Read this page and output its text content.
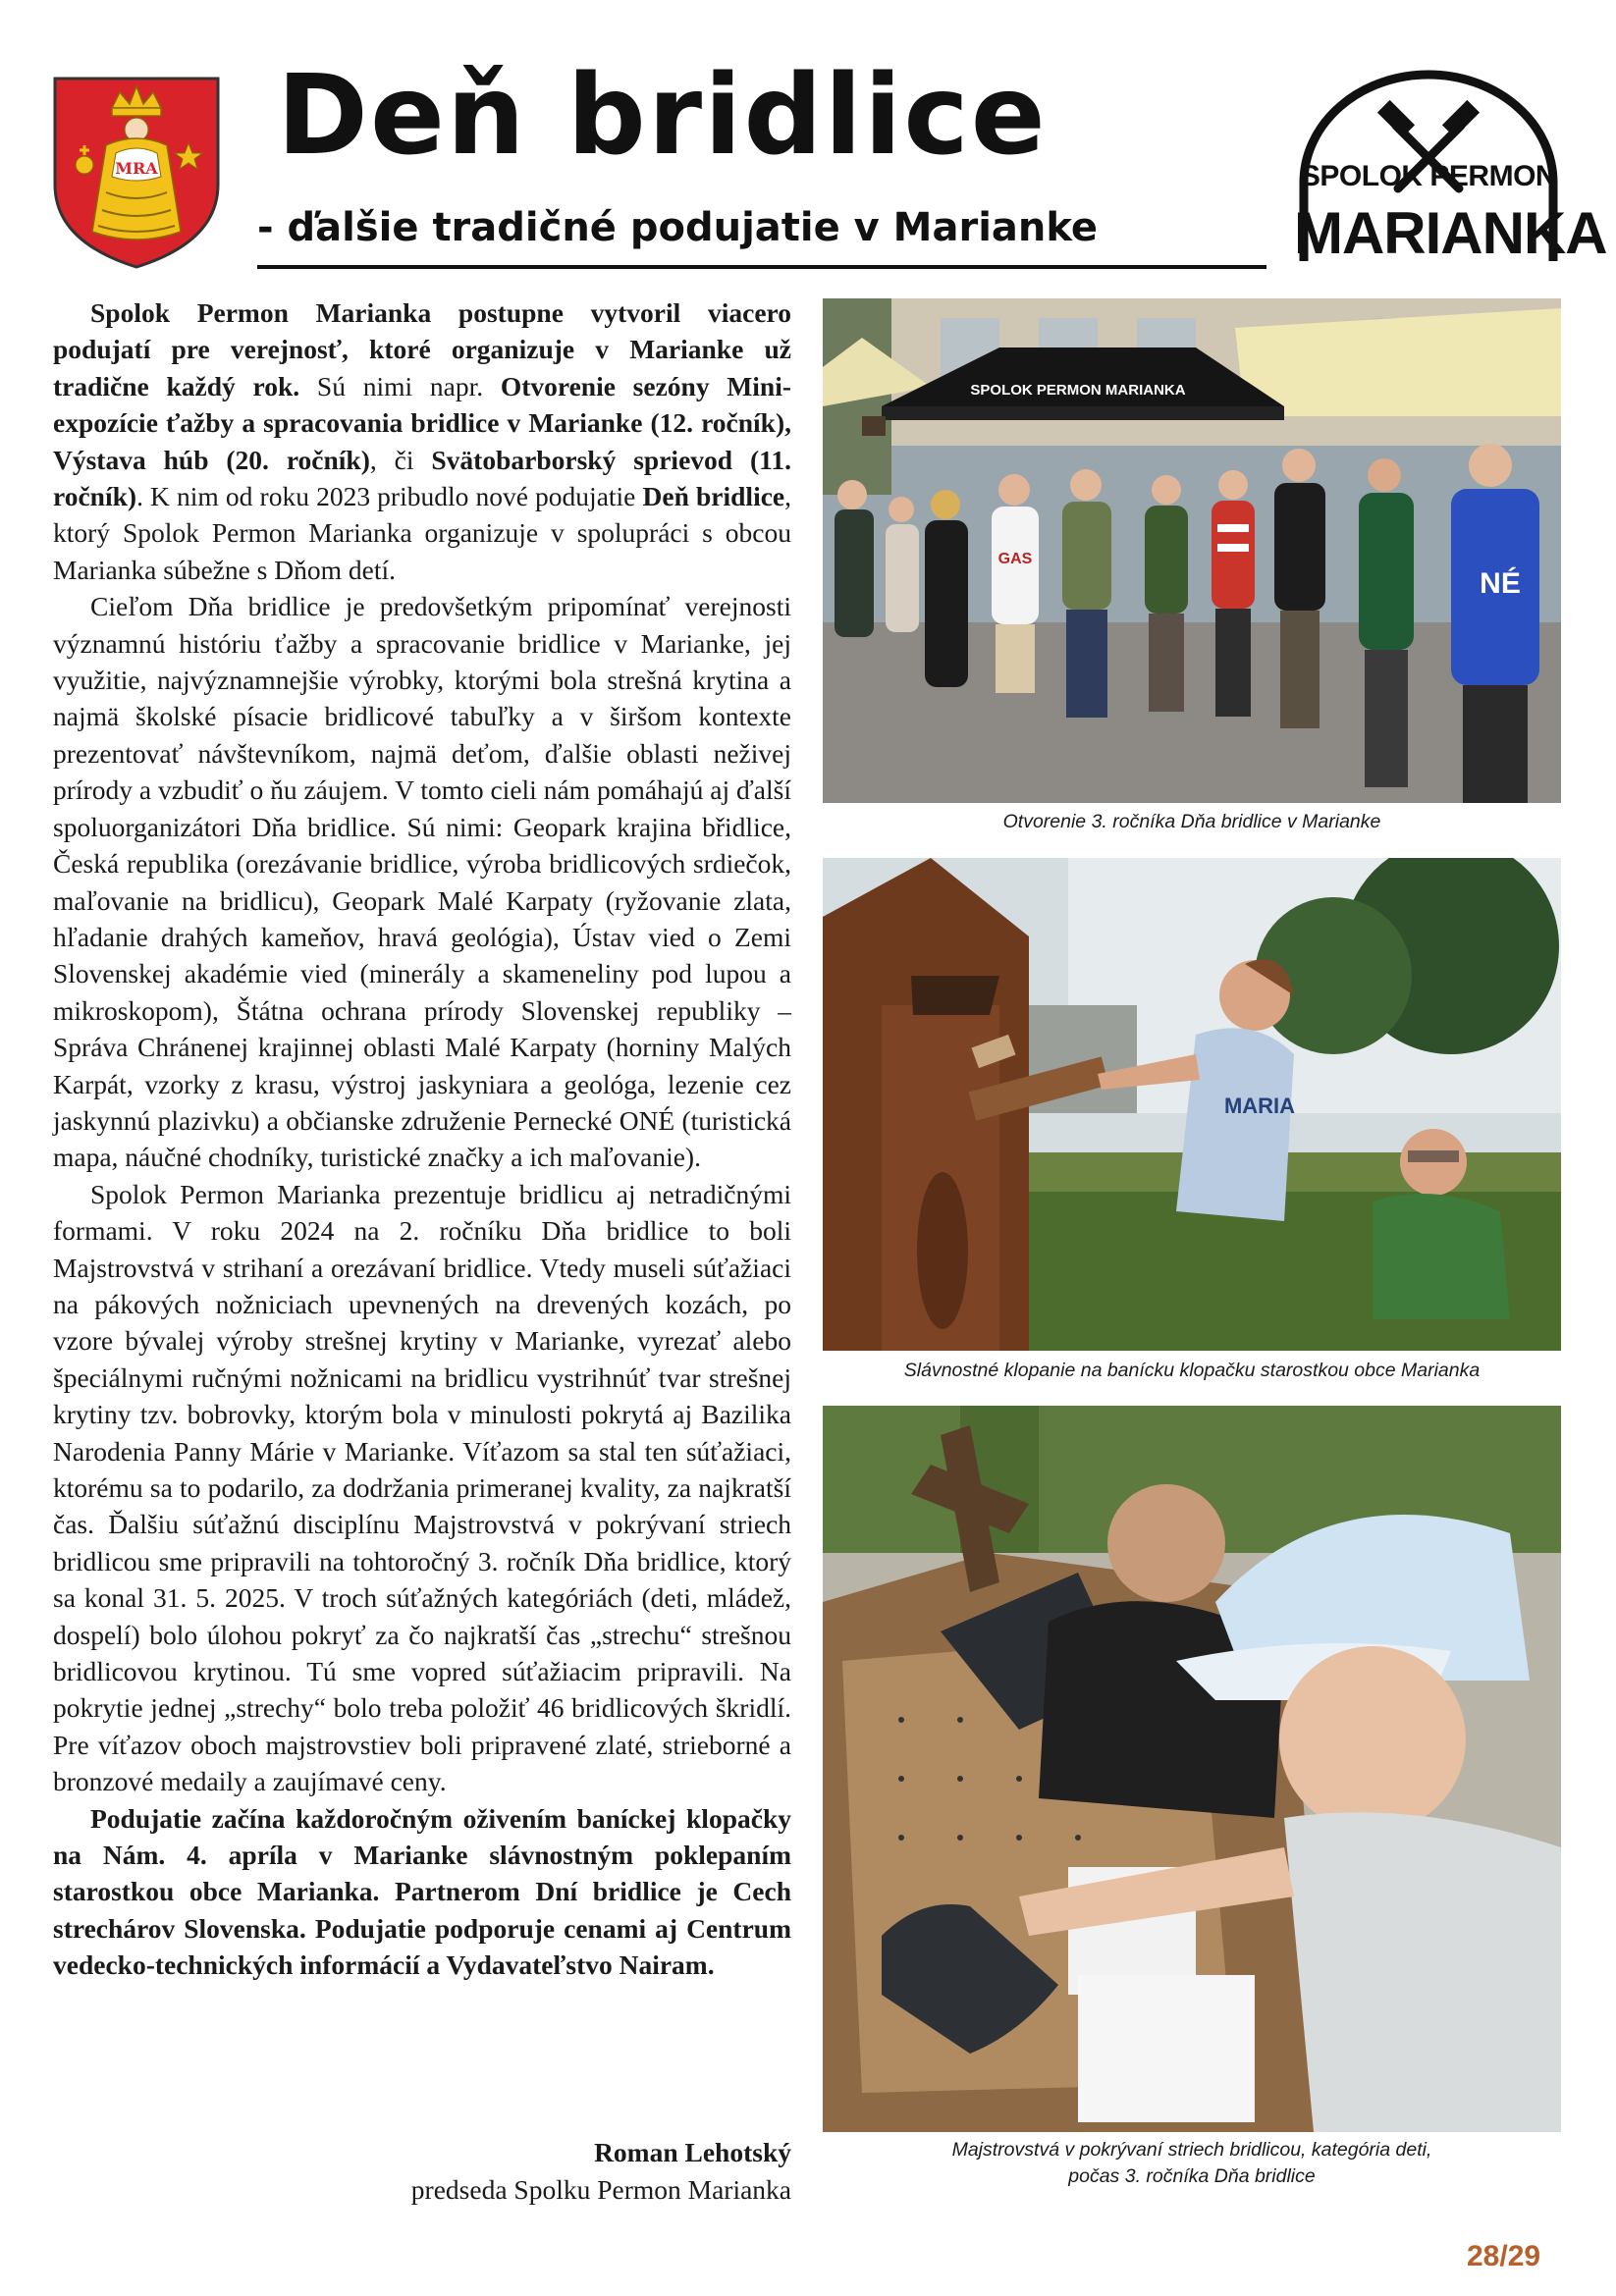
MRA Deň bridlice
- ďalšie tradičné podujatie v Marianke
SPOLOK PERMON
MARIANKA

Spolok Permon Marianka postupne vytvoril viacero podujatí pre verejnosť, ktoré organizuje v Marianke už tradične každý rok. Sú nimi napr. Otvorenie sezóny Mini-expozície ťažby a spracovania bridlice v Marianke (12. ročník), Výstava húb (20. ročník), či Svätobarborský sprievod (11. ročník). K nim od roku 2023 pribudlo nové podujatie Deň bridlice, ktorý Spolok Permon Marianka organizuje v spolupráci s obcou Marianka súbežne s Dňom detí.

Cieľom Dňa bridlice je predovšetkým pripomínať verejnosti významnú históriu ťažby a spracovanie bridlice v Marianke, jej využitie, najvýznamnejšie výrobky, ktorými bola strešná krytina a najmä školské písacie bridlicové tabuľky a v širšom kontexte prezentovať návštevníkom, najmä deťom, ďalšie oblasti neživej prírody a vzbudiť o ňu záujem. V tomto cieli nám pomáhajú aj ďalší spoluorganizátori Dňa bridlice. Sú nimi: Geopark krajina břidlice, Česká republika (orezávanie bridlice, výroba bridlicových srdiečok, maľovanie na bridlicu), Geopark Malé Karpaty (ryžovanie zlata, hľadanie drahých kameňov, hravá geológia), Ústav vied o Zemi Slovenskej akadémie vied (minerály a skameneliny pod lupou a mikroskopom), Štátna ochrana prírody Slovenskej republiky – Správa Chránenej krajinnej oblasti Malé Karpaty (horniny Malých Karpát, vzorky z krasu, výstroj jaskyniara a geológa, lezenie cez jaskynnú plazivku) a občianske združenie Pernecké ONÉ (turistická mapa, náučné chodníky, turistické značky a ich maľovanie).

Spolok Permon Marianka prezentuje bridlicu aj netradičnými formami. V roku 2024 na 2. ročníku Dňa bridlice to boli Majstrovstvá v strihaní a orezávaní bridlice. Vtedy museli súťažiaci na pákových nožniciach upevnených na drevených kozách, po vzore bývalej výroby strešnej krytiny v Marianke, vyrezať alebo špeciálnymi ručnými nožnicami na bridlicu vystrihnúť tvar strešnej krytiny tzv. bobrovky, ktorým bola v minulosti pokrytá aj Bazilika Narodenia Panny Márie v Marianke. Víťazom sa stal ten súťažiaci, ktorému sa to podarilo, za dodržania primeranej kvality, za najkratší čas. Ďalšiu súťažnú disciplínu Majstrovstvá v pokrývaní striech bridlicou sme pripravili na tohtoročný 3. ročník Dňa bridlice, ktorý sa konal 31. 5. 2025. V troch súťažných kategóriách (deti, mládež, dospelí) bolo úlohou pokryť za čo najkratší čas „strechu“ strešnou bridlicovou krytinou. Tú sme vopred súťažiacim pripravili. Na pokrytie jednej „strechy“ bolo treba položiť 46 bridlicových škridlí. Pre víťazov oboch majstrovstiev boli pripravené zlaté, strieborné a bronzové medaily a zaujímavé ceny.

Podujatie začína každoročným oživením baníckej klopačky na Nám. 4. apríla v Marianke slávnostným poklepaním starostkou obce Marianka. Partnerom Dní bridlice je Cech strechárov Slovenska. Podujatie podporuje cenami aj Centrum vedecko-technických informácií a Vydavateľstvo Nairam.

Roman Lehotský
predseda Spolku Permon Marianka
SPOLOK PERMON MARIANKA
GAS
NÉ
Otvorenie 3. ročníka Dňa bridlice v Marianke
MARIA
Slávnostné klopanie na banícku klopačku starostkou obce Marianka
Majstrovstvá v pokrývaní striech bridlicou, kategória deti,
počas 3. ročníka Dňa bridlice
28/29
